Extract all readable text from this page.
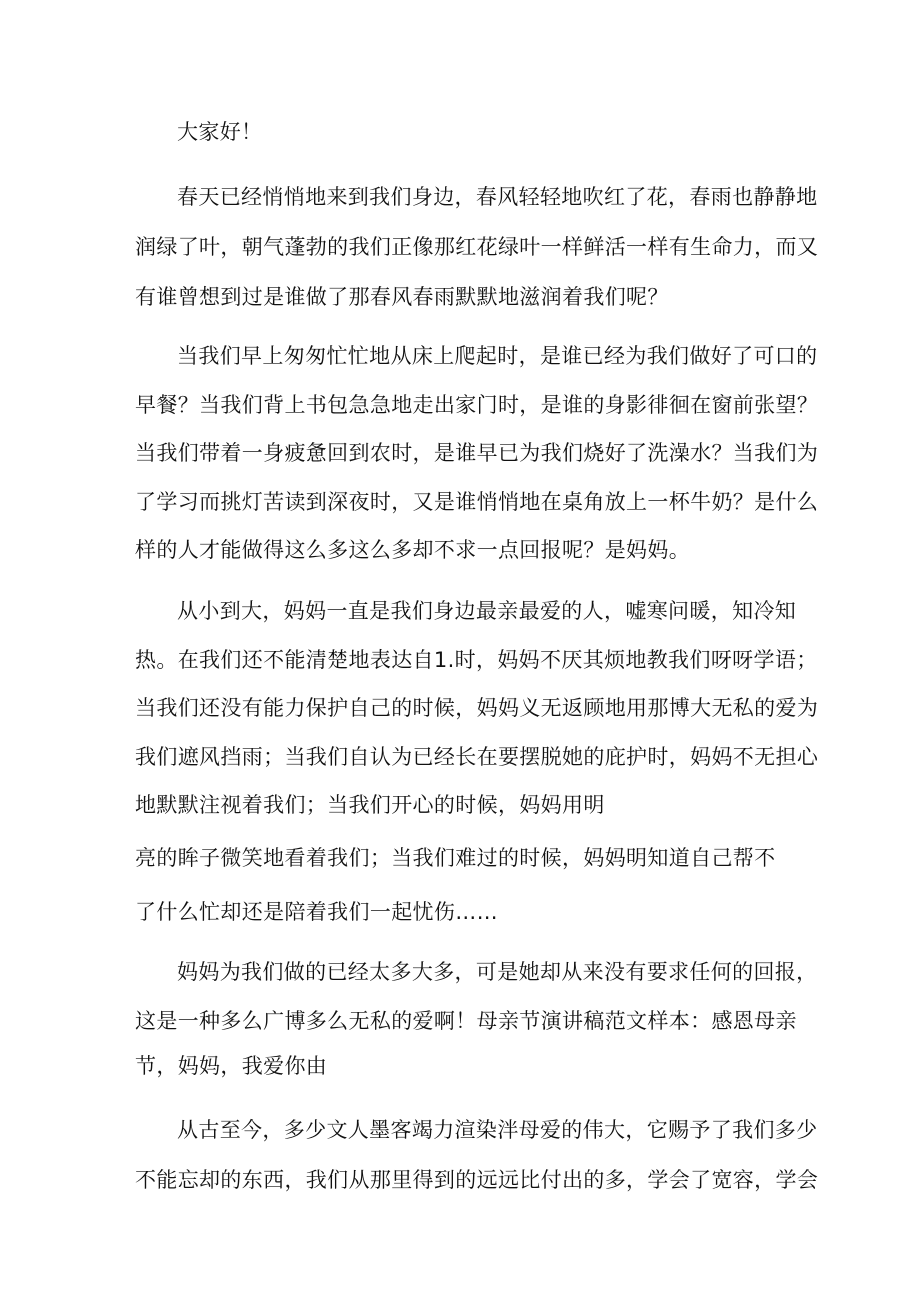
大家好！
春天已经悄悄地来到我们身边，春风轻轻地吹红了花，春雨也静静地
润绿了叶，朝气蓬勃的我们正像那红花绿叶一样鲜活一样有生命力，而又
有谁曾想到过是谁做了那春风春雨默默地滋润着我们呢？
当我们早上匆匆忙忙地从床上爬起时，是谁已经为我们做好了可口的
早餐？当我们背上书包急急地走出家门时，是谁的身影徘徊在窗前张望？
当我们带着一身疲惫回到农时，是谁早已为我们烧好了洗澡水？当我们为
了学习而挑灯苦读到深夜时，又是谁悄悄地在桌角放上一杯牛奶？是什么
样的人才能做得这么多这么多却不求一点回报呢？是妈妈。
从小到大，妈妈一直是我们身边最亲最爱的人，嘘寒问暖，知冷知
热。在我们还不能清楚地表达自1.时，妈妈不厌其烦地教我们呀呀学语；
当我们还没有能力保护自己的时候，妈妈义无返顾地用那博大无私的爱为
我们遮风挡雨；当我们自认为已经长在要摆脱她的庇护时，妈妈不无担心
地默默注视着我们；当我们开心的时候，妈妈用明
亮的眸子微笑地看着我们；当我们难过的时候，妈妈明知道自己帮不
了什么忙却还是陪着我们一起忧伤……
妈妈为我们做的已经太多大多，可是她却从来没有要求任何的回报，
这是一种多么广博多么无私的爱啊！母亲节演讲稿范文样本：感恩母亲
节，妈妈，我爱你由
从古至今，多少文人墨客竭力渲染泮母爱的伟大，它赐予了我们多少
不能忘却的东西，我们从那里得到的远远比付出的多，学会了宽容，学会
